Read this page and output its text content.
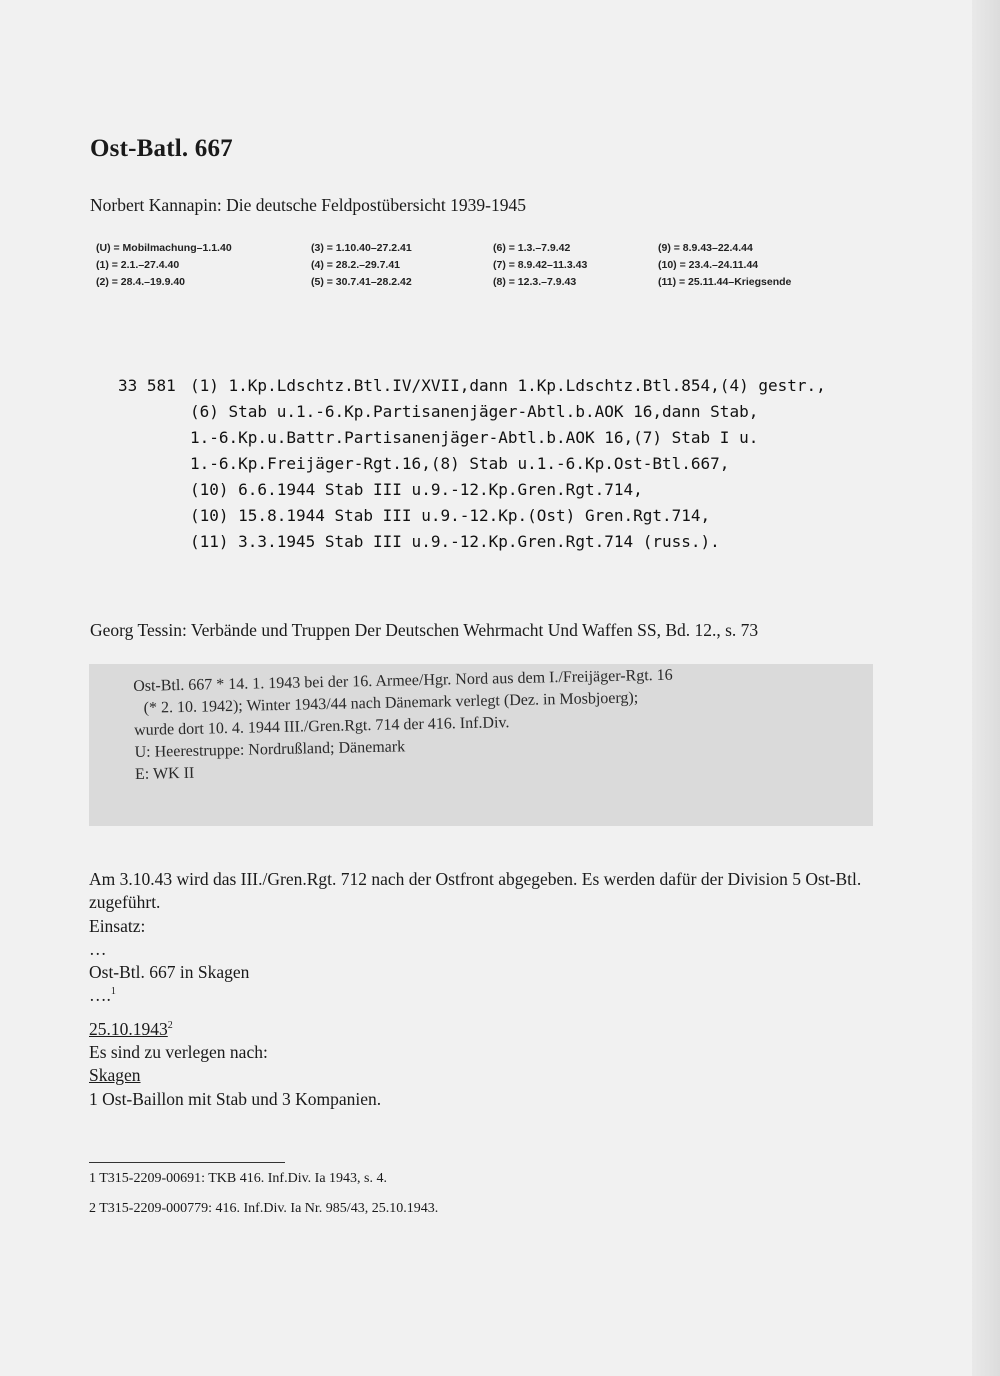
Ost-Batl. 667

Norbert Kannapin: Die deutsche Feldpostübersicht 1939-1945

(U) = Mobilmachung–1.1.40
(1) = 2.1.–27.4.40
(2) = 28.4.–19.9.40
(3) = 1.10.40–27.2.41
(4) = 28.2.–29.7.41
(5) = 30.7.41–28.2.42
(6) = 1.3.–7.9.42
(7) = 8.9.42–11.3.43
(8) = 12.3.–7.9.43
(9) = 8.9.43–22.4.44
(10) = 23.4.–24.11.44
(11) = 25.11.44–Kriegsende
33 581 (1) 1.Kp.Ldschtz.Btl.IV/XVII,dann 1.Kp.Ldschtz.Btl.854,(4) gestr.,
(6) Stab u.1.-6.Kp.Partisanenjäger-Abtl.b.AOK 16,dann Stab,
1.-6.Kp.u.Battr.Partisanenjäger-Abtl.b.AOK 16,(7) Stab I u.
1.-6.Kp.Freijäger-Rgt.16,(8) Stab u.1.-6.Kp.Ost-Btl.667,
(10) 6.6.1944 Stab III u.9.-12.Kp.Gren.Rgt.714,
(10) 15.8.1944 Stab III u.9.-12.Kp.(Ost) Gren.Rgt.714,
(11) 3.3.1945 Stab III u.9.-12.Kp.Gren.Rgt.714 (russ.).

Georg Tessin: Verbände und Truppen Der Deutschen Wehrmacht Und Waffen SS, Bd. 12., s. 73

Ost-Btl. 667 * 14. 1. 1943 bei der 16. Armee/Hgr. Nord aus dem I./Freijäger-Rgt. 16
(* 2. 10. 1942); Winter 1943/44 nach Dänemark verlegt (Dez. in Mosbjoerg);
wurde dort 10. 4. 1944 III./Gren.Rgt. 714 der 416. Inf.Div.
U: Heerestruppe: Nordrußland; Dänemark
E: WK II

Am 3.10.43 wird das III./Gren.Rgt. 712 nach der Ostfront abgegeben. Es werden dafür der Division 5 Ost-Btl. zugeführt.

Einsatz:

…

Ost-Btl. 667 in Skagen

….$^1$

25.10.1943$^2$

Es sind zu verlegen nach:

Skagen

1 Ost-Baillon mit Stab und 3 Kompanien.

1 T315-2209-00691: TKB 416. Inf.Div. Ia 1943, s. 4.

2 T315-2209-000779: 416. Inf.Div. Ia Nr. 985/43, 25.10.1943.
